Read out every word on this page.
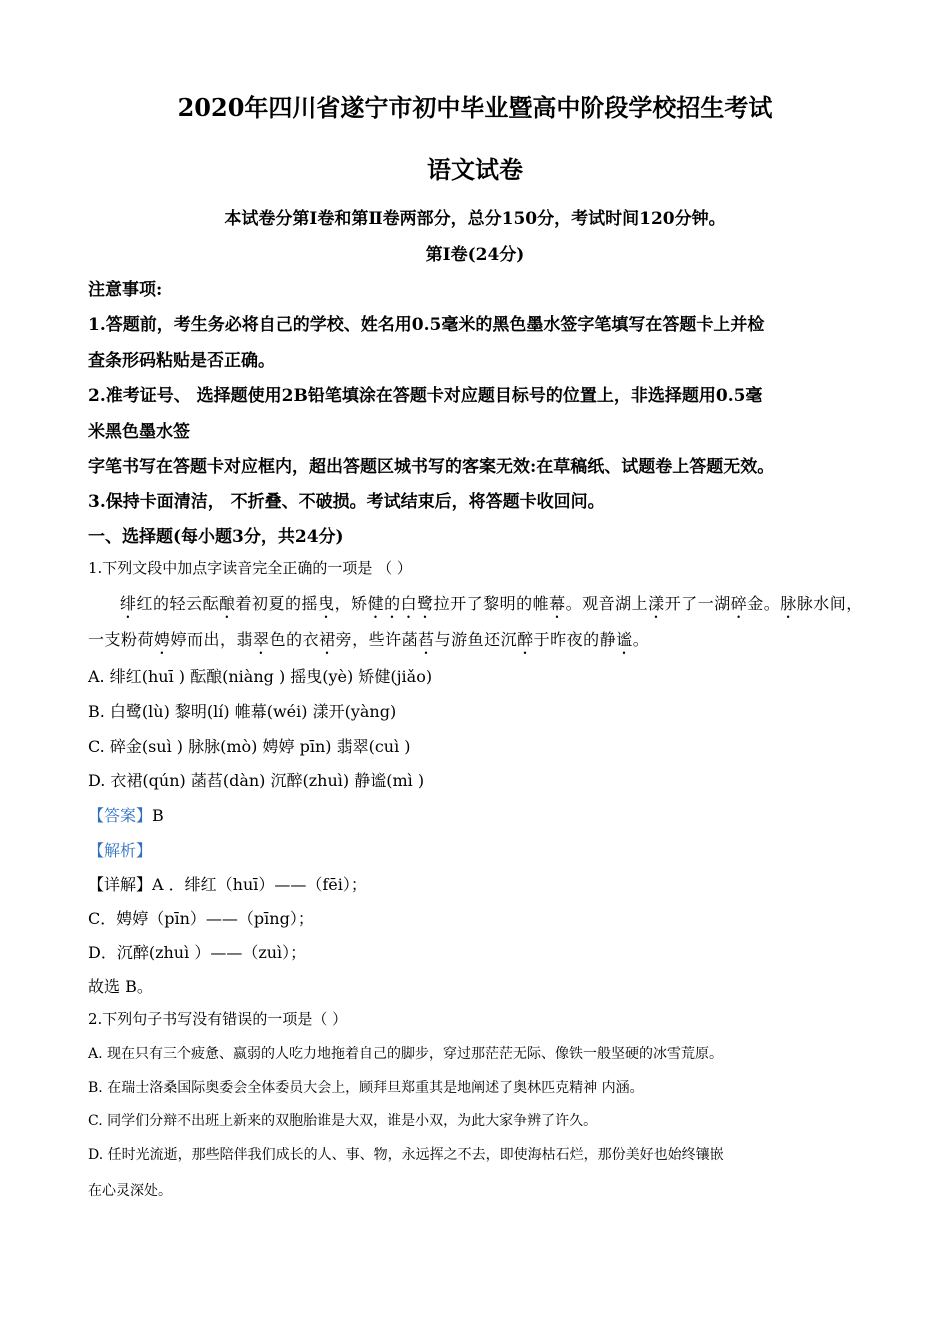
2020年四川省遂宁市初中毕业暨高中阶段学校招生考试
语文试卷
本试卷分第Ⅰ卷和第Ⅱ卷两部分，总分150分，考试时间120分钟。
第Ⅰ卷(24分)
注意事项:
1.答题前，考生务必将自己的学校、姓名用0.5毫米的黑色墨水签字笔填写在答题卡上并检
查条形码粘贴是否正确。
2.准考证号、 选择题使用2B铅笔填涂在答题卡对应题目标号的位置上，非选择题用0.5毫
米黑色墨水签
字笔书写在答题卡对应框内，超出答题区城书写的客案无效:在草稿纸、试题卷上答题无效。
3.保持卡面清洁， 不折叠、不破损。考试结束后，将答题卡收回问。
一、选择题(每小题3分，共24分)
1.下列文段中加点字读音完全正确的一项是 （ ）
绯红的轻云酝酿着初夏的摇曳，矫健的白鹭拉开了黎明的帷幕。观音湖上漾开了一湖碎金。脉脉水间，
一支粉荷娉婷而出，翡翠色的衣裙旁，些许菡萏与游鱼还沉醉于昨夜的静谧。
A. 绯红(huī ) 酝酿(niàng ) 摇曳(yè) 矫健(jiǎo)
B. 白鹭(lù) 黎明(lí) 帷幕(wéi) 漾开(yàng)
C. 碎金(suì ) 脉脉(mò) 娉婷 pīn) 翡翠(cuì )
D. 衣裙(qún) 菡萏(dàn) 沉醉(zhuì) 静谧(mì )
【答案】B
【解析】
【详解】A ．绯红（huī）——（fēi）；
C．娉婷（pīn）——（pīng）；
D．沉醉(zhuì ）——（zuì）；
故选 B。
2.下列句子书写没有错误的一项是（ ）
A. 现在只有三个疲惫、嬴弱的人吃力地拖着自己的脚步，穿过那茫茫无际、像铁一般坚硬的冰雪荒原。
B. 在瑞士洛桑国际奥委会全体委员大会上，顾拜旦郑重其是地阐述了奥林匹克精神 内涵。
C. 同学们分辩不出班上新来的双胞胎谁是大双，谁是小双，为此大家争辨了许久。
D. 任时光流逝，那些陪伴我们成长的人、事、物，永远挥之不去，即使海枯石烂，那份美好也始终镶嵌
在心灵深处。
